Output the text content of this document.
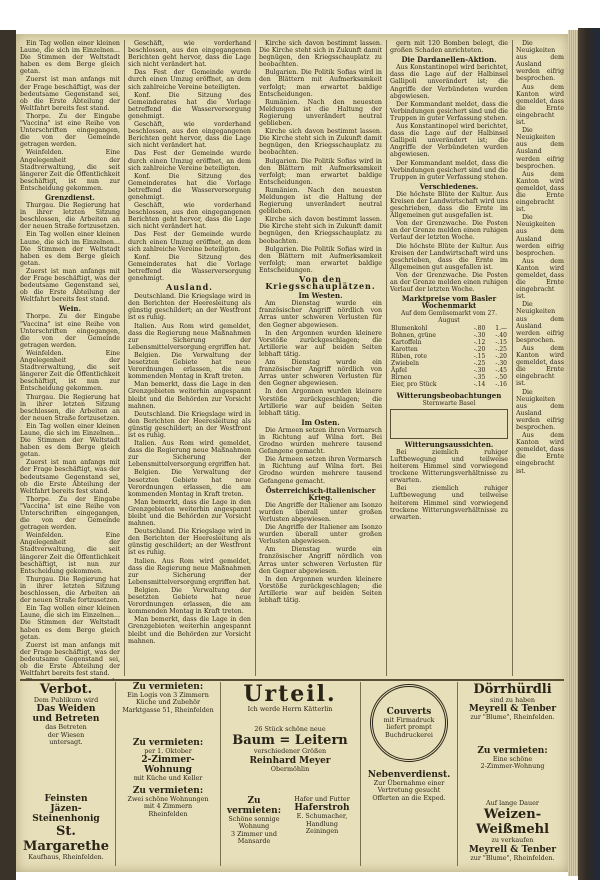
Ein Tag wollen einer kleinen Laune, die sich im Einzelnen... Die Stimmen der Weltstadt haben es dem Berge gleich getan.

Zuerst ist man anfangs mit der Frage beschäftigt, was der bedeutsame Gegenstand sei, ob die Erste Abteilung der Weltfahrt bereits fest stand.

Thorpe. Zu der Eingabe "Vaccina" ist eine Reihe von Unterschriften eingegangen, die von der Gemeinde getragen werden.

Weinfelden. Eine Angelegenheit der Stadtverwaltung, die seit längerer Zeit die Öffentlichkeit beschäftigt, ist nun zur Entscheidung gekommen.

Grenzdienst.

Thurgau. Die Regierung hat in ihrer letzten Sitzung beschlossen, die Arbeiten an der neuen Straße fortzusetzen.

Ein Tag wollen einer kleinen Laune, die sich im Einzelnen... Die Stimmen der Weltstadt haben es dem Berge gleich getan.

Zuerst ist man anfangs mit der Frage beschäftigt, was der bedeutsame Gegenstand sei, ob die Erste Abteilung der Weltfahrt bereits fest stand.

Wein.

Thorpe. Zu der Eingabe "Vaccina" ist eine Reihe von Unterschriften eingegangen, die von der Gemeinde getragen werden.

Weinfelden. Eine Angelegenheit der Stadtverwaltung, die seit längerer Zeit die Öffentlichkeit beschäftigt, ist nun zur Entscheidung gekommen.

Thurgau. Die Regierung hat in ihrer letzten Sitzung beschlossen, die Arbeiten an der neuen Straße fortzusetzen.

Ein Tag wollen einer kleinen Laune, die sich im Einzelnen... Die Stimmen der Weltstadt haben es dem Berge gleich getan.

Zuerst ist man anfangs mit der Frage beschäftigt, was der bedeutsame Gegenstand sei, ob die Erste Abteilung der Weltfahrt bereits fest stand.

Thorpe. Zu der Eingabe "Vaccina" ist eine Reihe von Unterschriften eingegangen, die von der Gemeinde getragen werden.

Weinfelden. Eine Angelegenheit der Stadtverwaltung, die seit längerer Zeit die Öffentlichkeit beschäftigt, ist nun zur Entscheidung gekommen.

Thurgau. Die Regierung hat in ihrer letzten Sitzung beschlossen, die Arbeiten an der neuen Straße fortzusetzen.

Ein Tag wollen einer kleinen Laune, die sich im Einzelnen... Die Stimmen der Weltstadt haben es dem Berge gleich getan.

Zuerst ist man anfangs mit der Frage beschäftigt, was der bedeutsame Gegenstand sei, ob die Erste Abteilung der Weltfahrt bereits fest stand.

Geschäft, wie vorderhand beschlossen, aus den eingegangenen Berichten geht hervor, dass die Lage sich nicht verändert hat.

Das Fest der Gemeinde wurde durch einen Umzug eröffnet, an dem sich zahlreiche Vereine beteiligten.

Konf. Die Sitzung des Gemeinderates hat die Vorlage betreffend die Wasserversorgung genehmigt.

Geschäft, wie vorderhand beschlossen, aus den eingegangenen Berichten geht hervor, dass die Lage sich nicht verändert hat.

Das Fest der Gemeinde wurde durch einen Umzug eröffnet, an dem sich zahlreiche Vereine beteiligten.

Konf. Die Sitzung des Gemeinderates hat die Vorlage betreffend die Wasserversorgung genehmigt.

Geschäft, wie vorderhand beschlossen, aus den eingegangenen Berichten geht hervor, dass die Lage sich nicht verändert hat.

Das Fest der Gemeinde wurde durch einen Umzug eröffnet, an dem sich zahlreiche Vereine beteiligten.

Konf. Die Sitzung des Gemeinderates hat die Vorlage betreffend die Wasserversorgung genehmigt.

Ausland.

Deutschland. Die Kriegslage wird in den Berichten der Heeresleitung als günstig geschildert; an der Westfront ist es ruhig.

Italien. Aus Rom wird gemeldet, dass die Regierung neue Maßnahmen zur Sicherung der Lebensmittelversorgung ergriffen hat.

Belgien. Die Verwaltung der besetzten Gebiete hat neue Verordnungen erlassen, die am kommenden Montag in Kraft treten.

Man bemerkt, dass die Lage in den Grenzgebieten weiterhin angespannt bleibt und die Behörden zur Vorsicht mahnen.

Deutschland. Die Kriegslage wird in den Berichten der Heeresleitung als günstig geschildert; an der Westfront ist es ruhig.

Italien. Aus Rom wird gemeldet, dass die Regierung neue Maßnahmen zur Sicherung der Lebensmittelversorgung ergriffen hat.

Belgien. Die Verwaltung der besetzten Gebiete hat neue Verordnungen erlassen, die am kommenden Montag in Kraft treten.

Man bemerkt, dass die Lage in den Grenzgebieten weiterhin angespannt bleibt und die Behörden zur Vorsicht mahnen.

Deutschland. Die Kriegslage wird in den Berichten der Heeresleitung als günstig geschildert; an der Westfront ist es ruhig.

Italien. Aus Rom wird gemeldet, dass die Regierung neue Maßnahmen zur Sicherung der Lebensmittelversorgung ergriffen hat.

Belgien. Die Verwaltung der besetzten Gebiete hat neue Verordnungen erlassen, die am kommenden Montag in Kraft treten.

Man bemerkt, dass die Lage in den Grenzgebieten weiterhin angespannt bleibt und die Behörden zur Vorsicht mahnen.

Kirche sich davon bestimmt lassen. Die Kirche steht sich in Zukunft damit begnügen, den Kriegsschauplatz zu beobachten.

Bulgarien. Die Politik Sofias wird in den Blättern mit Aufmerksamkeit verfolgt; man erwartet baldige Entscheidungen.

Rumänien. Nach den neuesten Meldungen ist die Haltung der Regierung unverändert neutral geblieben.

Kirche sich davon bestimmt lassen. Die Kirche steht sich in Zukunft damit begnügen, den Kriegsschauplatz zu beobachten.

Bulgarien. Die Politik Sofias wird in den Blättern mit Aufmerksamkeit verfolgt; man erwartet baldige Entscheidungen.

Rumänien. Nach den neuesten Meldungen ist die Haltung der Regierung unverändert neutral geblieben.

Kirche sich davon bestimmt lassen. Die Kirche steht sich in Zukunft damit begnügen, den Kriegsschauplatz zu beobachten.

Bulgarien. Die Politik Sofias wird in den Blättern mit Aufmerksamkeit verfolgt; man erwartet baldige Entscheidungen.

Von den Kriegsschauplätzen.
Im Westen.

Am Dienstag wurde ein französischer Angriff nördlich von Arras unter schweren Verlusten für den Gegner abgewiesen.

In den Argonnen wurden kleinere Vorstöße zurückgeschlagen; die Artillerie war auf beiden Seiten lebhaft tätig.

Am Dienstag wurde ein französischer Angriff nördlich von Arras unter schweren Verlusten für den Gegner abgewiesen.

In den Argonnen wurden kleinere Vorstöße zurückgeschlagen; die Artillerie war auf beiden Seiten lebhaft tätig.

Im Osten.

Die Armeen setzen ihren Vormarsch in Richtung auf Wilna fort. Bei Grodno wurden mehrere tausend Gefangene gemacht.

Die Armeen setzen ihren Vormarsch in Richtung auf Wilna fort. Bei Grodno wurden mehrere tausend Gefangene gemacht.

Österreichisch-italienischer Krieg.

Die Angriffe der Italiener am Isonzo wurden überall unter großen Verlusten abgewiesen.

Die Angriffe der Italiener am Isonzo wurden überall unter großen Verlusten abgewiesen.

Am Dienstag wurde ein französischer Angriff nördlich von Arras unter schweren Verlusten für den Gegner abgewiesen.

In den Argonnen wurden kleinere Vorstöße zurückgeschlagen; die Artillerie war auf beiden Seiten lebhaft tätig.

gern mit 120 Bomben belegt, die großen Schaden anrichteten.

Die Dardanellen-Aktion.

Aus Konstantinopel wird berichtet, dass die Lage auf der Halbinsel Gallipoli unverändert ist; die Angriffe der Verbündeten wurden abgewiesen.

Der Kommandant meldet, dass die Verbindungen gesichert sind und die Truppen in guter Verfassung stehen.

Aus Konstantinopel wird berichtet, dass die Lage auf der Halbinsel Gallipoli unverändert ist; die Angriffe der Verbündeten wurden abgewiesen.

Der Kommandant meldet, dass die Verbindungen gesichert sind und die Truppen in guter Verfassung stehen.

Verschiedenes.

Die höchste Blüte der Kultur. Aus Kreisen der Landwirtschaft wird uns geschrieben, dass die Ernte im Allgemeinen gut ausgefallen ist.

Von der Grenzwache. Die Posten an der Grenze melden einen ruhigen Verlauf der letzten Woche.

Die höchste Blüte der Kultur. Aus Kreisen der Landwirtschaft wird uns geschrieben, dass die Ernte im Allgemeinen gut ausgefallen ist.

Von der Grenzwache. Die Posten an der Grenze melden einen ruhigen Verlauf der letzten Woche.

Marktpreise vom Basler Wochenmarkt
Auf dem Gemüsemarkt vom 27. August
Blumenkohl	-.80	1.—
Bohnen, grüne	-.30	-.40
Kartoffeln	-.12	-.15
Karotten	-.20	-.25
Rüben, rote	-.15	-.20
Zwiebeln	-.25	-.30
Äpfel	-.30	-.45
Birnen	-.35	-.50
Eier, pro Stück	-.14	-.16
Witterungsbeobachtungen
Sternwarte Basel
Witterungsaussichten.

Bei ziemlich ruhiger Luftbewegung und teilweise heiterem Himmel sind vorwiegend trockene Witterungsverhältnisse zu erwarten.

Bei ziemlich ruhiger Luftbewegung und teilweise heiterem Himmel sind vorwiegend trockene Witterungsverhältnisse zu erwarten.

Die Neuigkeiten aus dem Ausland werden eifrig besprochen.

Aus dem Kanton wird gemeldet, dass die Ernte eingebracht ist.

Die Neuigkeiten aus dem Ausland werden eifrig besprochen.

Aus dem Kanton wird gemeldet, dass die Ernte eingebracht ist.

Die Neuigkeiten aus dem Ausland werden eifrig besprochen.

Aus dem Kanton wird gemeldet, dass die Ernte eingebracht ist.

Die Neuigkeiten aus dem Ausland werden eifrig besprochen.

Aus dem Kanton wird gemeldet, dass die Ernte eingebracht ist.

Die Neuigkeiten aus dem Ausland werden eifrig besprochen.

Aus dem Kanton wird gemeldet, dass die Ernte eingebracht ist.

Verbot.
Dem Publikum wird
Das Weiden
und Betreten
das Betreten
der Wiesen
untersagt.
Feinsten
Jäzen-Steinenhonig
St. Margarethe
Kaufhaus, Rheinfelden.
Zu vermieten:
Ein Logis von 3 Zimmern
Küche und Zubehör
Marktgasse 51, Rheinfelden
Zu vermieten:
per 1. Oktober
2-Zimmer-Wohnung
mit Küche und Keller
Zu vermieten:
Zwei schöne Wohnungen
mit 4 Zimmern
Rheinfelden
Urteil.
Ich werde Herrn Kätterlin
26 Stück schöne neue
Baum = Leitern
verschiedener Größen
Reinhard Meyer
Obermöhlin
Zu vermieten:
Schöne sonnige Wohnung
3 Zimmer und Mansarde
Hafer und Futter
Haferstroh
E. Schumacher, Handlung
Zeiningen
Couverts
mit Firmadruck
liefert prompt
Buchdruckerei
Nebenverdienst.
Zur Übernahme einer
Vertretung gesucht
Offerten an die Exped.
Dörrhürdli
sind zu haben
Meyrell & Tenber
zur "Blume", Rheinfelden.
Zu vermieten:
Eine schöne
2-Zimmer-Wohnung
Auf lange Dauer
Weizen-Weißmehl
zu verkaufen
Meyrell & Tenber
zur "Blume", Rheinfelden.
